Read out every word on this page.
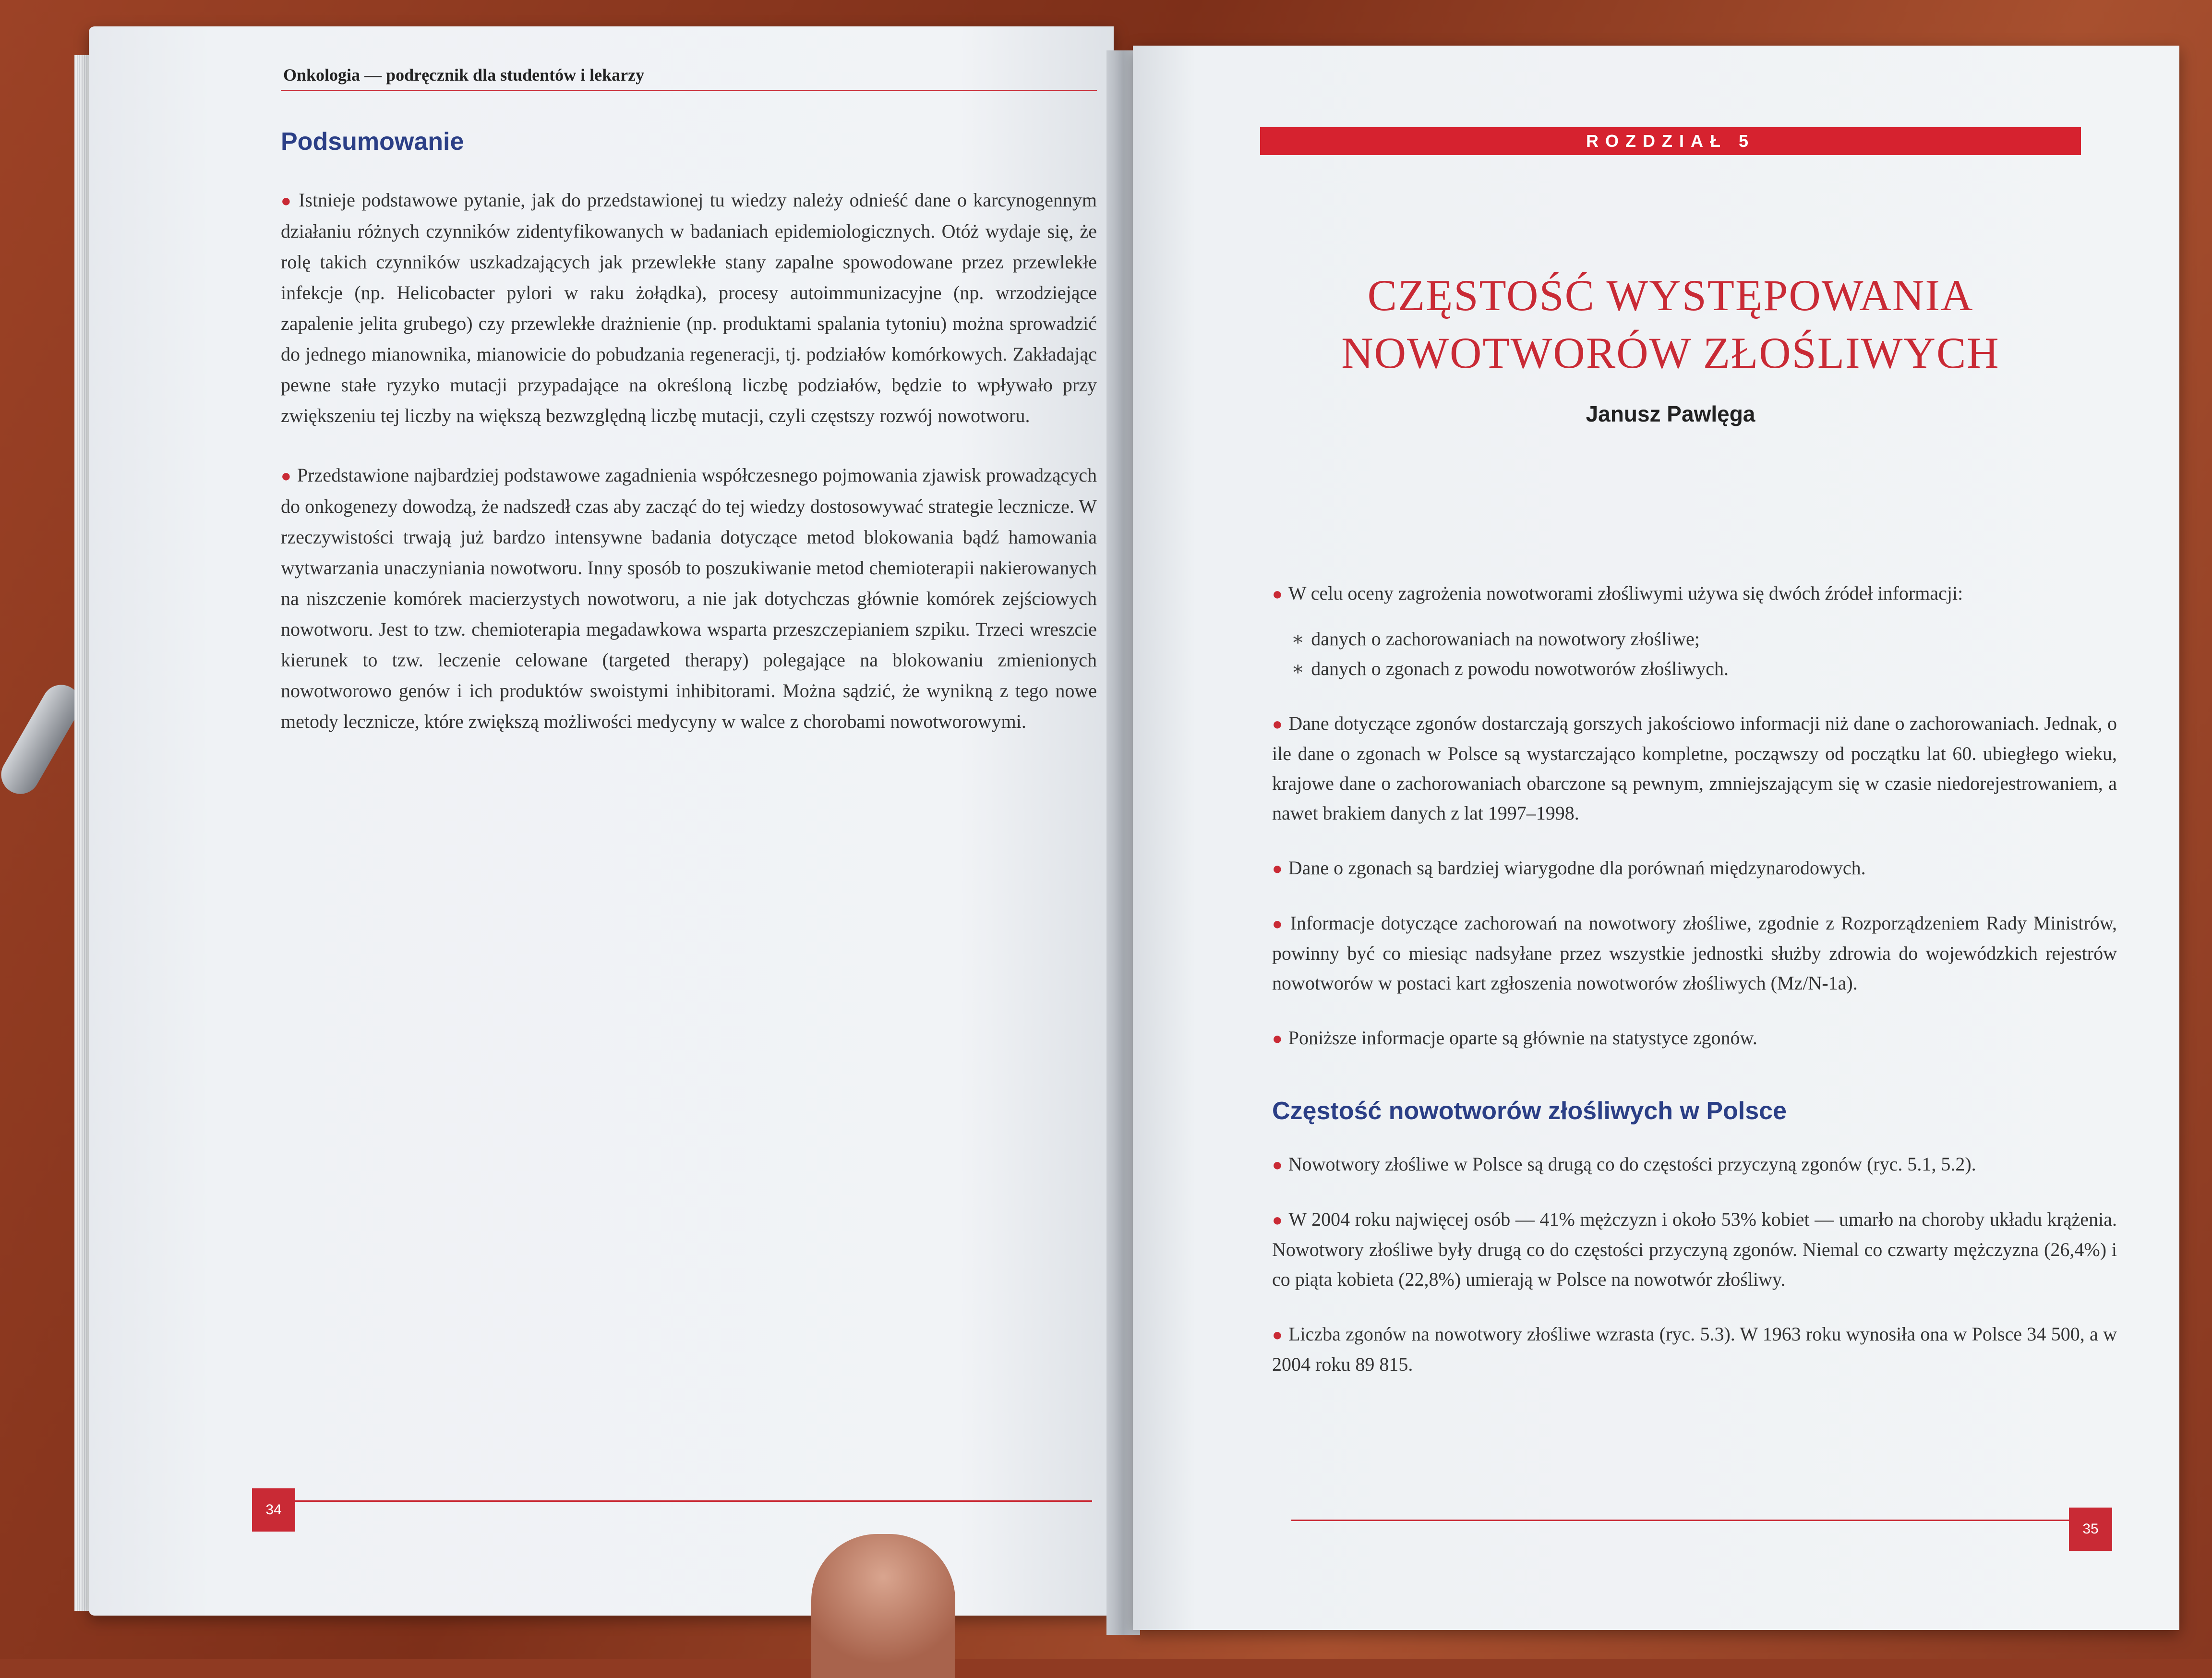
Onkologia — podręcznik dla studentów i lekarzy
Podsumowanie

● Istnieje podstawowe pytanie, jak do przedstawionej tu wiedzy należy odnieść dane o karcynogennym działaniu różnych czynników zidentyfikowanych w badaniach epidemiologicznych. Otóż wydaje się, że rolę takich czynników uszkadzających jak przewlekłe stany zapalne spowodowane przez przewlekłe infekcje (np. Helicobacter pylori w raku żołądka), procesy autoimmunizacyjne (np. wrzodziejące zapalenie jelita grubego) czy przewlekłe drażnienie (np. produktami spalania tytoniu) można sprowadzić do jednego mianownika, mianowicie do pobudzania regeneracji, tj. podziałów komórkowych. Zakładając pewne stałe ryzyko mutacji przypadające na określoną liczbę podziałów, będzie to wpływało przy zwiększeniu tej liczby na większą bezwzględną liczbę mutacji, czyli częstszy rozwój nowotworu.

● Przedstawione najbardziej podstawowe zagadnienia współczesnego pojmowania zjawisk prowadzących do onkogenezy dowodzą, że nadszedł czas aby zacząć do tej wiedzy dostosowywać strategie lecznicze. W rzeczywistości trwają już bardzo intensywne badania dotyczące metod blokowania bądź hamowania wytwarzania unaczyniania nowotworu. Inny sposób to poszukiwanie metod chemioterapii nakierowanych na niszczenie komórek macierzystych nowotworu, a nie jak dotychczas głównie komórek zejściowych nowotworu. Jest to tzw. chemioterapia megadawkowa wsparta przeszczepianiem szpiku. Trzeci wreszcie kierunek to tzw. leczenie celowane (targeted therapy) polegające na blokowaniu zmienionych nowotworowo genów i ich produktów swoistymi inhibitorami. Można sądzić, że wynikną z tego nowe metody lecznicze, które zwiększą możliwości medycyny w walce z chorobami nowotworowymi.

34
ROZDZIAŁ 5
CZĘSTOŚĆ WYSTĘPOWANIA
NOWOTWORÓW ZŁOŚLIWYCH
Janusz Pawlęga

● W celu oceny zagrożenia nowotworami złośliwymi używa się dwóch źródeł informacji:

∗ danych o zachorowaniach na nowotwory złośliwe;
∗ danych o zgonach z powodu nowotworów złośliwych.

● Dane dotyczące zgonów dostarczają gorszych jakościowo informacji niż dane o zachorowaniach. Jednak, o ile dane o zgonach w Polsce są wystarczająco kompletne, począwszy od początku lat 60. ubiegłego wieku, krajowe dane o zachorowaniach obarczone są pewnym, zmniejszającym się w czasie niedorejestrowaniem, a nawet brakiem danych z lat 1997–1998.

● Dane o zgonach są bardziej wiarygodne dla porównań międzynarodowych.

● Informacje dotyczące zachorowań na nowotwory złośliwe, zgodnie z Rozporządzeniem Rady Ministrów, powinny być co miesiąc nadsyłane przez wszystkie jednostki służby zdrowia do wojewódzkich rejestrów nowotworów w postaci kart zgłoszenia nowotworów złośliwych (Mz/N-1a).

● Poniższe informacje oparte są głównie na statystyce zgonów.

Częstość nowotworów złośliwych w Polsce

● Nowotwory złośliwe w Polsce są drugą co do częstości przyczyną zgonów (ryc. 5.1, 5.2).

● W 2004 roku najwięcej osób — 41% mężczyzn i około 53% kobiet — umarło na choroby układu krążenia. Nowotwory złośliwe były drugą co do częstości przyczyną zgonów. Niemal co czwarty mężczyzna (26,4%) i co piąta kobieta (22,8%) umierają w Polsce na nowotwór złośliwy.

● Liczba zgonów na nowotwory złośliwe wzrasta (ryc. 5.3). W 1963 roku wynosiła ona w Polsce 34 500, a w 2004 roku 89 815.

35
